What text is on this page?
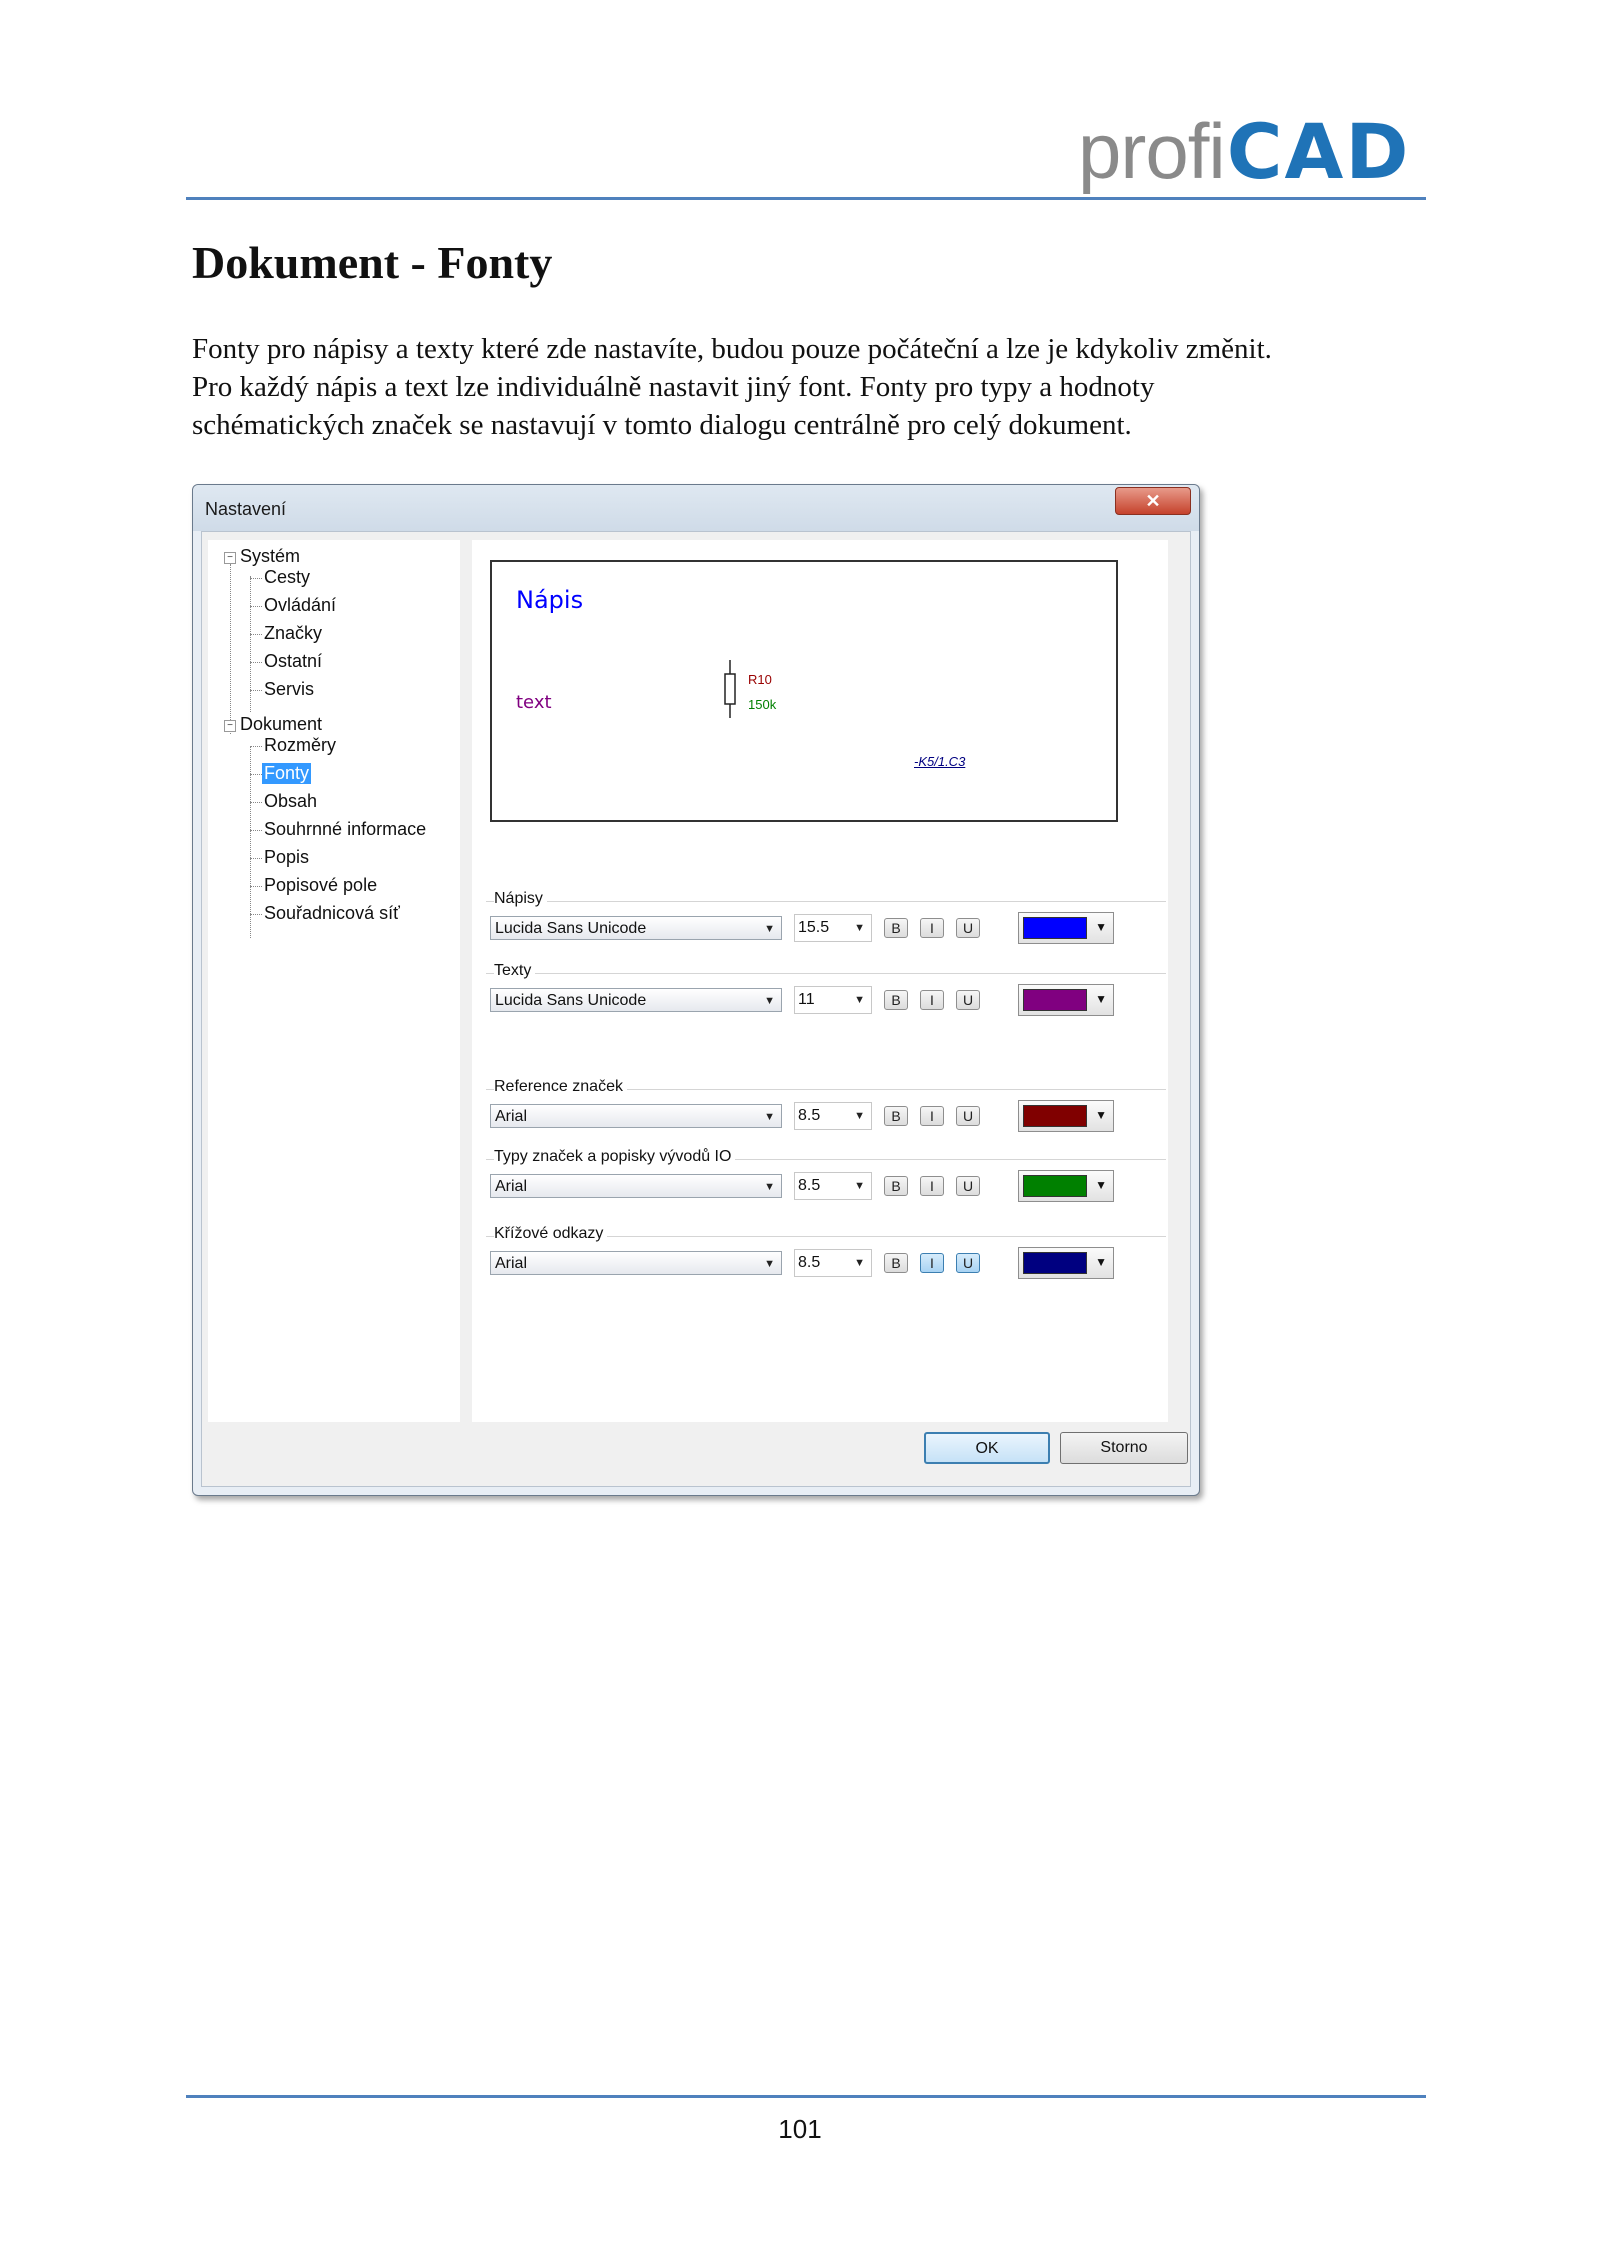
profi CAD
Dokument - Fonty

Fonty pro nápisy a texty které zde nastavíte, budou pouze počáteční a lze je kdykoliv změnit.
Pro každý nápis a text lze individuálně nastavit jiný font. Fonty pro typy a hodnoty
schématických značek se nastavují v tomto dialogu centrálně pro celý dokument.

Nastavení	✕
− Systém
Cesty
Ovládání
Značky
Ostatní
Servis
− Dokument
Rozměry
Fonty
Obsah
Souhrnné informace
Popis
Popisové pole
Souřadnicová síť
Nápis
text
R10
150k
-K5/1.C3
Nápisy
Lucida Sans Unicode	▼ 15.5 ▼	B	I	U	▼
Texty
Lucida Sans Unicode	▼ 11	▼	B	I	U	▼
Reference značek
Arial	▼ 8.5	▼	B	I	U	▼
Typy značek a popisky vývodů IO
Arial	▼ 8.5	▼	B	I	U	▼
Křížové odkazy
Arial	▼ 8.5	▼	B	I	U	▼
OK	Storno
101
